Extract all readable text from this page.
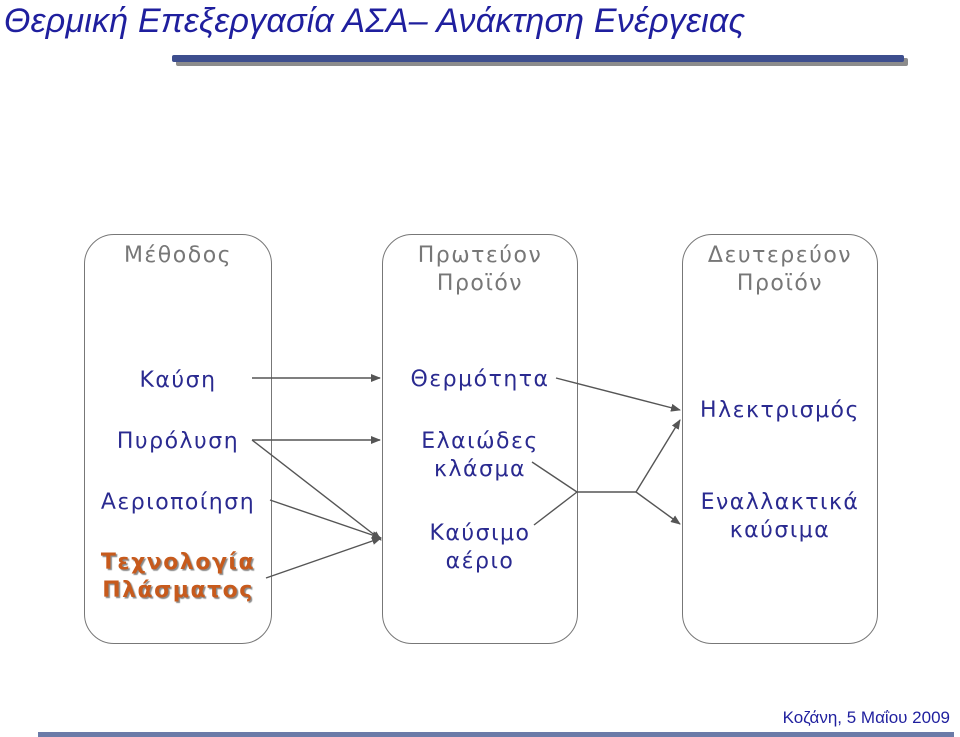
Θερμική Επεξεργασία ΑΣΑ– Ανάκτηση Ενέργειας
Μέθοδος	Πρωτεύον
Προϊόν
Δευτερεύον
Προϊόν
Καύση
Πυρόλυση
Αεριοποίηση
Τεχνολογία
Πλάσματος
Θερμότητα
Ελαιώδες
κλάσμα
Καύσιμο
αέριο
Ηλεκτρισμός
Εναλλακτικά
καύσιμα
Κοζάνη, 5 Μαΐου 2009
